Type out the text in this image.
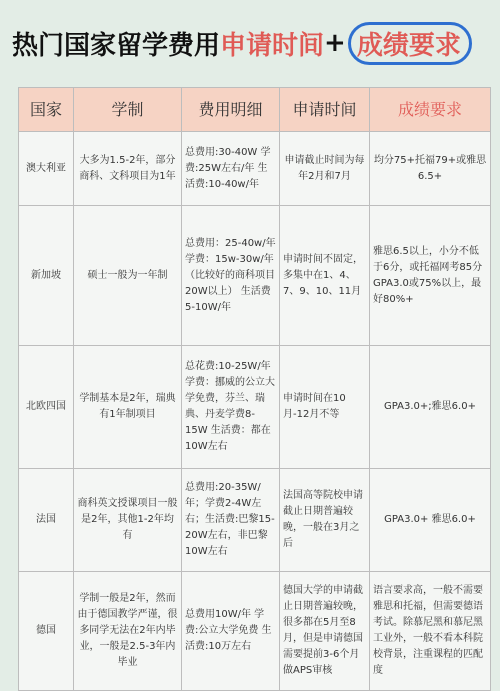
热门国家留学费用 申请时间 + 成绩要求
国家	学制	费用明细	申请时间	成绩要求
澳大利亚	大多为1.5-2年，部分商科、文科项目为1年	总费用:30-40W 学费:25W左右/年 生活费:10-40w/年	申请截止时间为每年2月和7月	均分75+托福79+或雅思6.5+
新加坡	硕士一般为一年制	总费用：25-40w/年 学费：15w-30w/年（比较好的商科项目20W以上） 生活费5-10W/年	申请时间不固定，多集中在1、4、7、9、10、11月	雅思6.5以上，小分不低于6分，或托福网考85分 GPA3.0或75%以上，最好80%+
北欧四国	学制基本是2年，瑞典有1年制项目	总花费:10-25W/年 学费：挪威的公立大学免费，芬兰、瑞典、丹麦学费8-15W 生活费：都在10W左右	申请时间在10月-12月不等	GPA3.0+;雅思6.0+
法国	商科英文授课项目一般是2年，其他1-2年均有	总费用:20-35W/年；学费2-4W左右；生活费:巴黎15-20W左右，非巴黎10W左右	法国高等院校申请截止日期普遍较晚，一般在3月之后	GPA3.0+ 雅思6.0+
德国	学制一般是2年，然而由于德国教学严谨，很多同学无法在2年内毕业，一般是2.5-3年内毕业	总费用10W/年 学费:公立大学免费 生活费:10万左右	德国大学的申请截止日期普遍较晚，很多都在5月至8月，但是申请德国需要提前3-6个月做APS审核	语言要求高，一般不需要雅思和托福，但需要德语考试。除慕尼黑和慕尼黑工业外，一般不看本科院校背景，注重课程的匹配度
